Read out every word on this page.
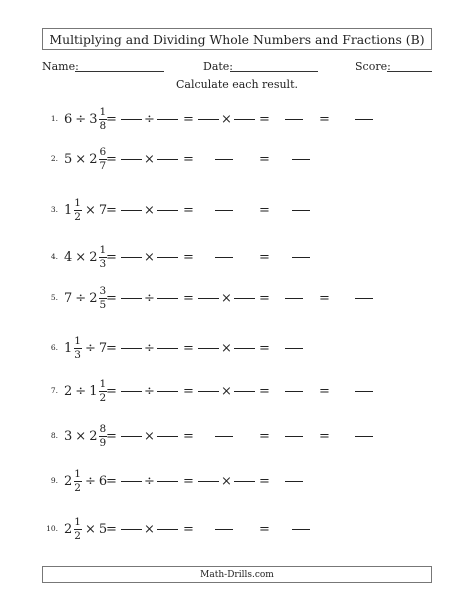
Multiplying and Dividing Whole Numbers and Fractions (B)
Name:	Date:	Score:
Calculate each result.
1. 6
÷
$3 \frac{1}{8}$
= ÷ = × =	=
2. 5
×
$2 \frac{6}{7}$
= × =	=
3. $1 \frac{1}{2}$
×
7
= × =	=
4. 4
×
$2 \frac{1}{3}$
= × =	=
5. 7
÷
$2 \frac{3}{5}$
= ÷ = × =	=
6. $1 \frac{1}{3}$
÷
7
= ÷ = × =
7. 2
÷
$1 \frac{1}{2}$
= ÷ = × =	=
8. 3
×
$2 \frac{8}{9}$
= × =	=	=
9. $2 \frac{1}{2}$
÷
6
= ÷ = × =
10. $2 \frac{1}{2}$
×
5
= × =	=
Math-Drills.com
